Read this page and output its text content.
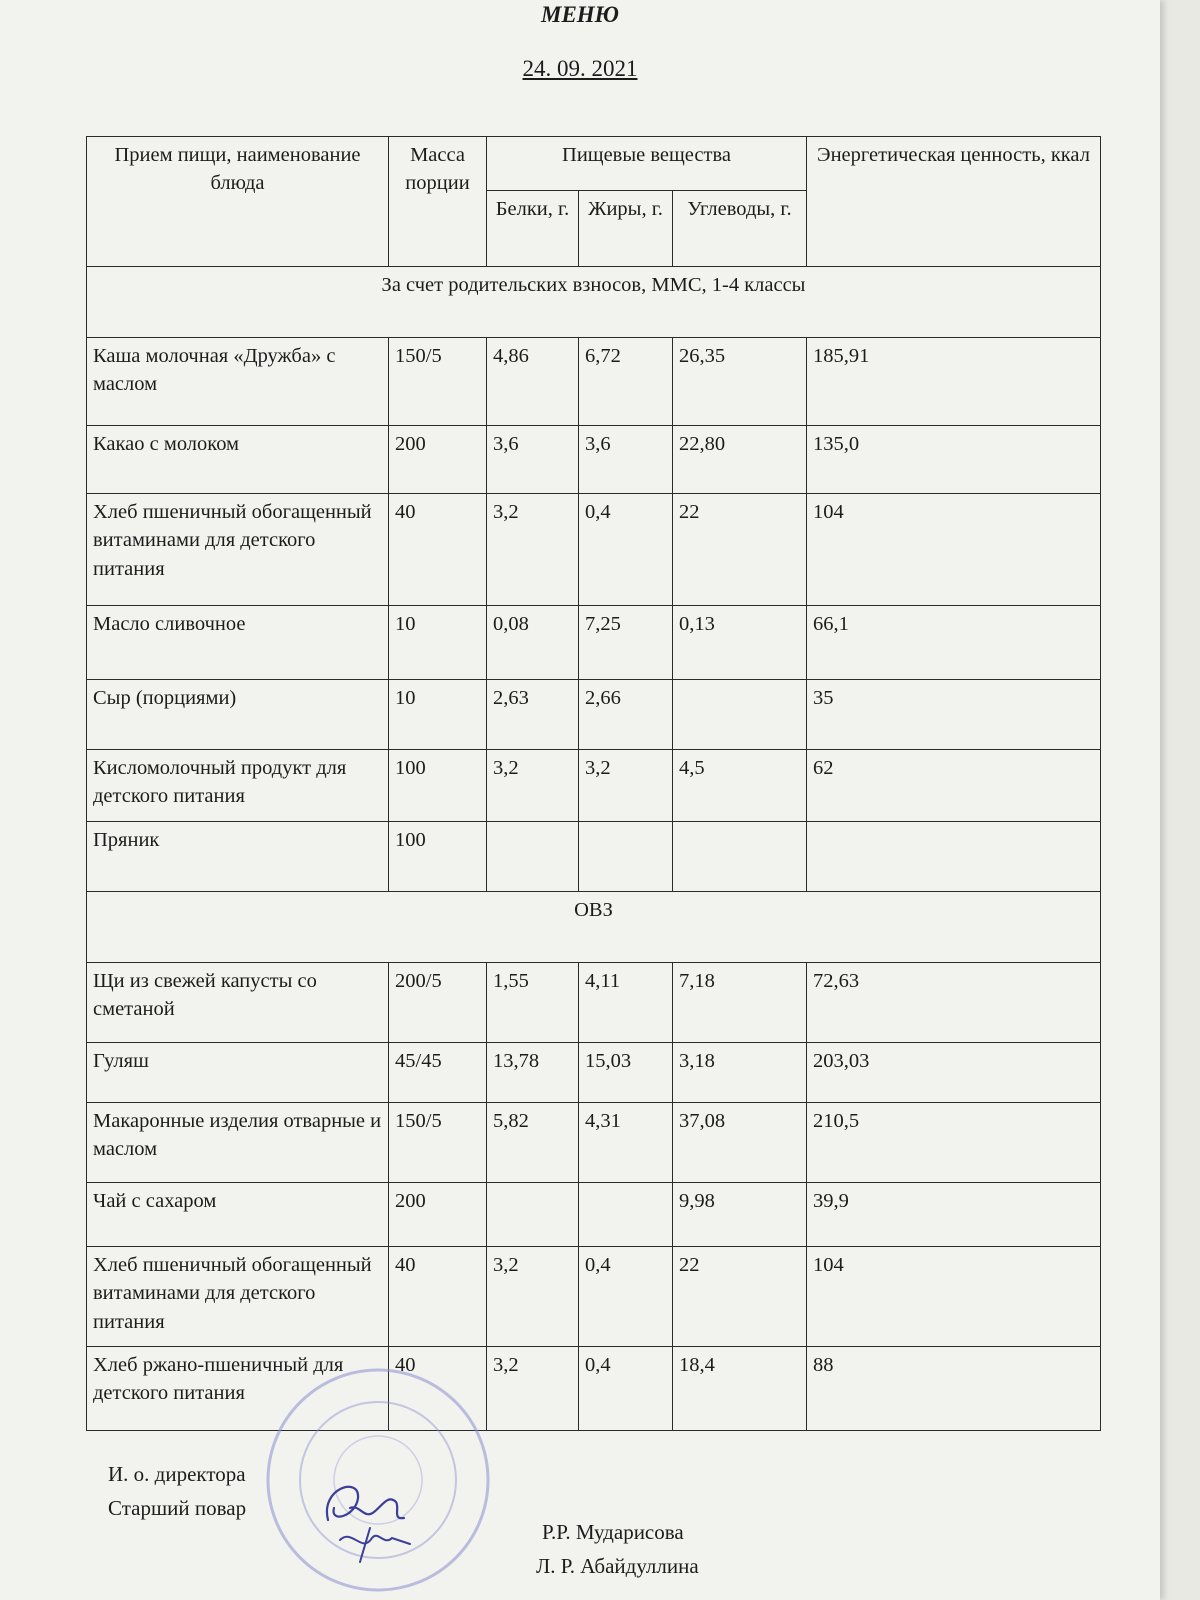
МЕНЮ
24. 09. 2021
Прием пищи, наименование блюда	Масса порции	Пищевые вещества			Энергетическая ценность, ккал
		Белки, г.	Жиры, г.	Углеводы, г.	
За счет родительских взносов, ММС, 1-4 классы					
Каша молочная «Дружба» с маслом	150/5	4,86	6,72	26,35	185,91
Какао с молоком	200	3,6	3,6	22,80	135,0
Хлеб пшеничный обогащенный витаминами для детского питания	40	3,2	0,4	22	104
Масло сливочное	10	0,08	7,25	0,13	66,1
Сыр (порциями)	10	2,63	2,66		35
Кисломолочный продукт для детского питания	100	3,2	3,2	4,5	62
Пряник	100				
ОВЗ					
Щи из свежей капусты со сметаной	200/5	1,55	4,11	7,18	72,63
Гуляш	45/45	13,78	15,03	3,18	203,03
Макаронные изделия отварные и маслом	150/5	5,82	4,31	37,08	210,5
Чай с сахаром	200			9,98	39,9
Хлеб пшеничный обогащенный витаминами для детского питания	40	3,2	0,4	22	104
Хлеб ржано-пшеничный для детского питания	40	3,2	0,4	18,4	88
И. о. директора
Старший повар
Р.Р. Мударисова
Л. Р. Абайдуллина
